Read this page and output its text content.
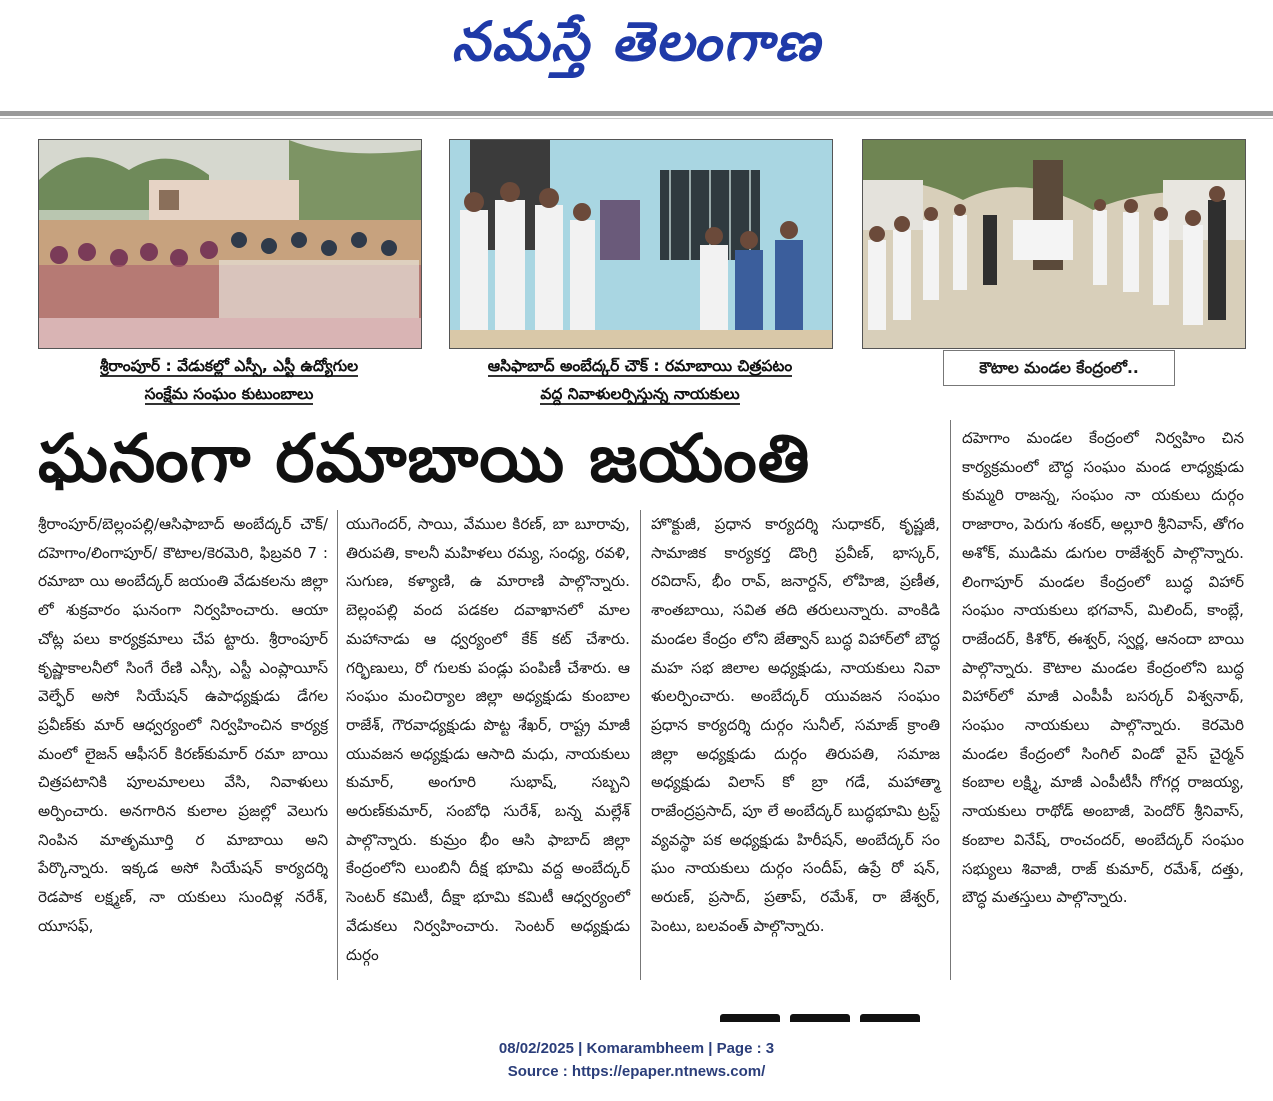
నమస్తే తెలంగాణ
శ్రీరాంపూర్ : వేడుకల్లో ఎస్సీ, ఎస్టీ ఉద్యోగుల
సంక్షేమ సంఘం కుటుంబాలు
ఆసిఫాబాద్ అంబేద్కర్ చౌక్ : రమాబాయి చిత్రపటం
వద్ద నివాళులర్పిస్తున్న నాయకులు
కౌటాల మండల కేంద్రంలో..
ఘనంగా రమాబాయి జయంతి

శ్రీరాంపూర్/బెల్లంపల్లి/ఆసిఫాబాద్ అంబేద్కర్ చౌక్/దహెగాం/లింగాపూర్/ కౌటాల/కెరమెరి, ఫిబ్రవరి 7 : రమాబా యి అంబేద్కర్ జయంతి వేడుకలను జిల్లా లో శుక్రవారం ఘనంగా నిర్వహించారు. ఆయా చోట్ల పలు కార్యక్రమాలు చేప ట్టారు. శ్రీరాంపూర్ కృష్ణాకాలనీలో సింగే రేణి ఎస్సీ, ఎస్టీ ఎంప్లాయీస్ వెల్ఫేర్ అసో సియేషన్ ఉపాధ్యక్షుడు డేగల ప్రవీణ్‌కు మార్ ఆధ్వర్యంలో నిర్వహించిన కార్యక్ర మంలో లైజన్ ఆఫీసర్ కిరణ్‌కుమార్ రమా బాయి చిత్రపటానికి పూలమాలలు వేసి, నివాళులు అర్పించారు. అనగారిన కులాల ప్రజల్లో వెలుగు నింపిన మాతృమూర్తి ర మాబాయి అని పేర్కొన్నారు. ఇక్కడ అసో సియేషన్ కార్యదర్శి రెడపాక లక్ష్మణ్, నా యకులు సుందిళ్ల నరేశ్, యూసఫ్,

యుగెందర్, సాయి, వేముల కిరణ్, బా బూరావు, తిరుపతి, కాలనీ మహిళలు రమ్య, సంధ్య, రవళి, సుగుణ, కళ్యాణి, ఉ మారాణి పాల్గొన్నారు. బెల్లంపల్లి వంద పడకల దవాఖానలో మాల మహానాడు ఆ ధ్వర్యంలో కేక్ కట్ చేశారు. గర్భిణులు, రో గులకు పండ్లు పంపిణీ చేశారు. ఆ సంఘం మంచిర్యాల జిల్లా అధ్యక్షుడు కుంబాల రాజేశ్, గౌరవాధ్యక్షుడు పొట్ట శేఖర్, రాష్ట్ర మాజీ యువజన అధ్యక్షుడు ఆసాది మధు, నాయకులు కుమార్, అంగూరి సుభాష్, సబ్బని అరుణ్‌కుమార్, సంబోధి సురేశ్, బన్న మల్లేశ్ పాల్గొన్నారు. కుమ్రం భీం ఆసి ఫాబాద్ జిల్లా కేంద్రంలోని లుంబినీ దీక్ష భూమి వద్ద అంబేద్కర్ సెంటర్ కమిటీ, దీక్షా భూమి కమిటీ ఆధ్వర్యంలో వేడుకలు నిర్వహించారు. సెంటర్ అధ్యక్షుడు దుర్గం

హొక్టుజీ, ప్రధాన కార్యదర్శి సుధాకర్, కృష్ణజీ, సామాజిక కార్యకర్త డొంగ్రి ప్రవీణ్, భాస్కర్, రవిదాస్, భీం రావ్, జనార్దన్, లోహిజి, ప్రణీత, శాంతబాయి, సవిత తది తరులున్నారు. వాంకిడి మండల కేంద్రం లోని జేత్వాన్ బుద్ధ విహార్‌లో బౌద్ధ మహ సభ జిలాల అధ్యక్షుడు, నాయకులు నివా ళులర్పించారు. అంబేద్కర్ యువజన సంఘం ప్రధాన కార్యదర్శి దుర్గం సునీల్, సమాజ్ క్రాంతి జిల్లా అధ్యక్షుడు దుర్గం తిరుపతి, సమాజ అధ్యక్షుడు విలాస్ కో బ్రా గడే, మహాత్మా రాజేంద్రప్రసాద్, పూ లే అంబేద్కర్ బుద్ధభూమి ట్రస్ట్ వ్యవస్థా పక అధ్యక్షుడు హిరీషన్, అంబేద్కర్ సం ఘం నాయకులు దుర్గం సందీప్, ఉప్రే రో షన్, అరుణ్, ప్రసాద్, ప్రతాప్, రమేశ్, రా జేశ్వర్, పెంటు, బలవంత్ పాల్గొన్నారు.

దహెగాం మండల కేంద్రంలో నిర్వహిం చిన కార్యక్రమంలో బౌద్ధ సంఘం మండ లాధ్యక్షుడు కుమ్మరి రాజన్న, సంఘం నా యకులు దుర్గం రాజారాం, పెరుగు శంకర్, అల్లూరి శ్రీనివాస్, తోగం అశోక్, ముడిమ డుగుల రాజేశ్వర్ పాల్గొన్నారు. లింగాపూర్ మండల కేంద్రంలో బుద్ధ విహార్ సంఘం నాయకులు భగవాన్, మిలింద్, కాంబ్లే, రాజేందర్, కిశోర్, ఈశ్వర్, స్వర్ణ, ఆనందా బాయి పాల్గొన్నారు. కౌటాల మండల కేంద్రంలోని బుద్ధ విహార్‌లో మాజీ ఎంపీపీ బసర్కర్ విశ్వనాథ్, సంఘం నాయకులు పాల్గొన్నారు. కెరమెరి మండల కేంద్రంలో సింగిల్ విండో వైస్ చైర్మన్ కంబాల లక్ష్మి, మాజీ ఎంపీటీసీ గోగర్ల రాజయ్య, నాయకులు రాథోడ్ అంబాజీ, పెందోర్ శ్రీనివాస్, కంబాల వినేష్, రాంచందర్, అంబేద్కర్ సంఘం సభ్యులు శివాజీ, రాజ్ కుమార్, రమేశ్, దత్తు, బౌద్ధ మతస్తులు పాల్గొన్నారు.

08/02/2025 | Komarambheem | Page : 3
Source : https://epaper.ntnews.com/
